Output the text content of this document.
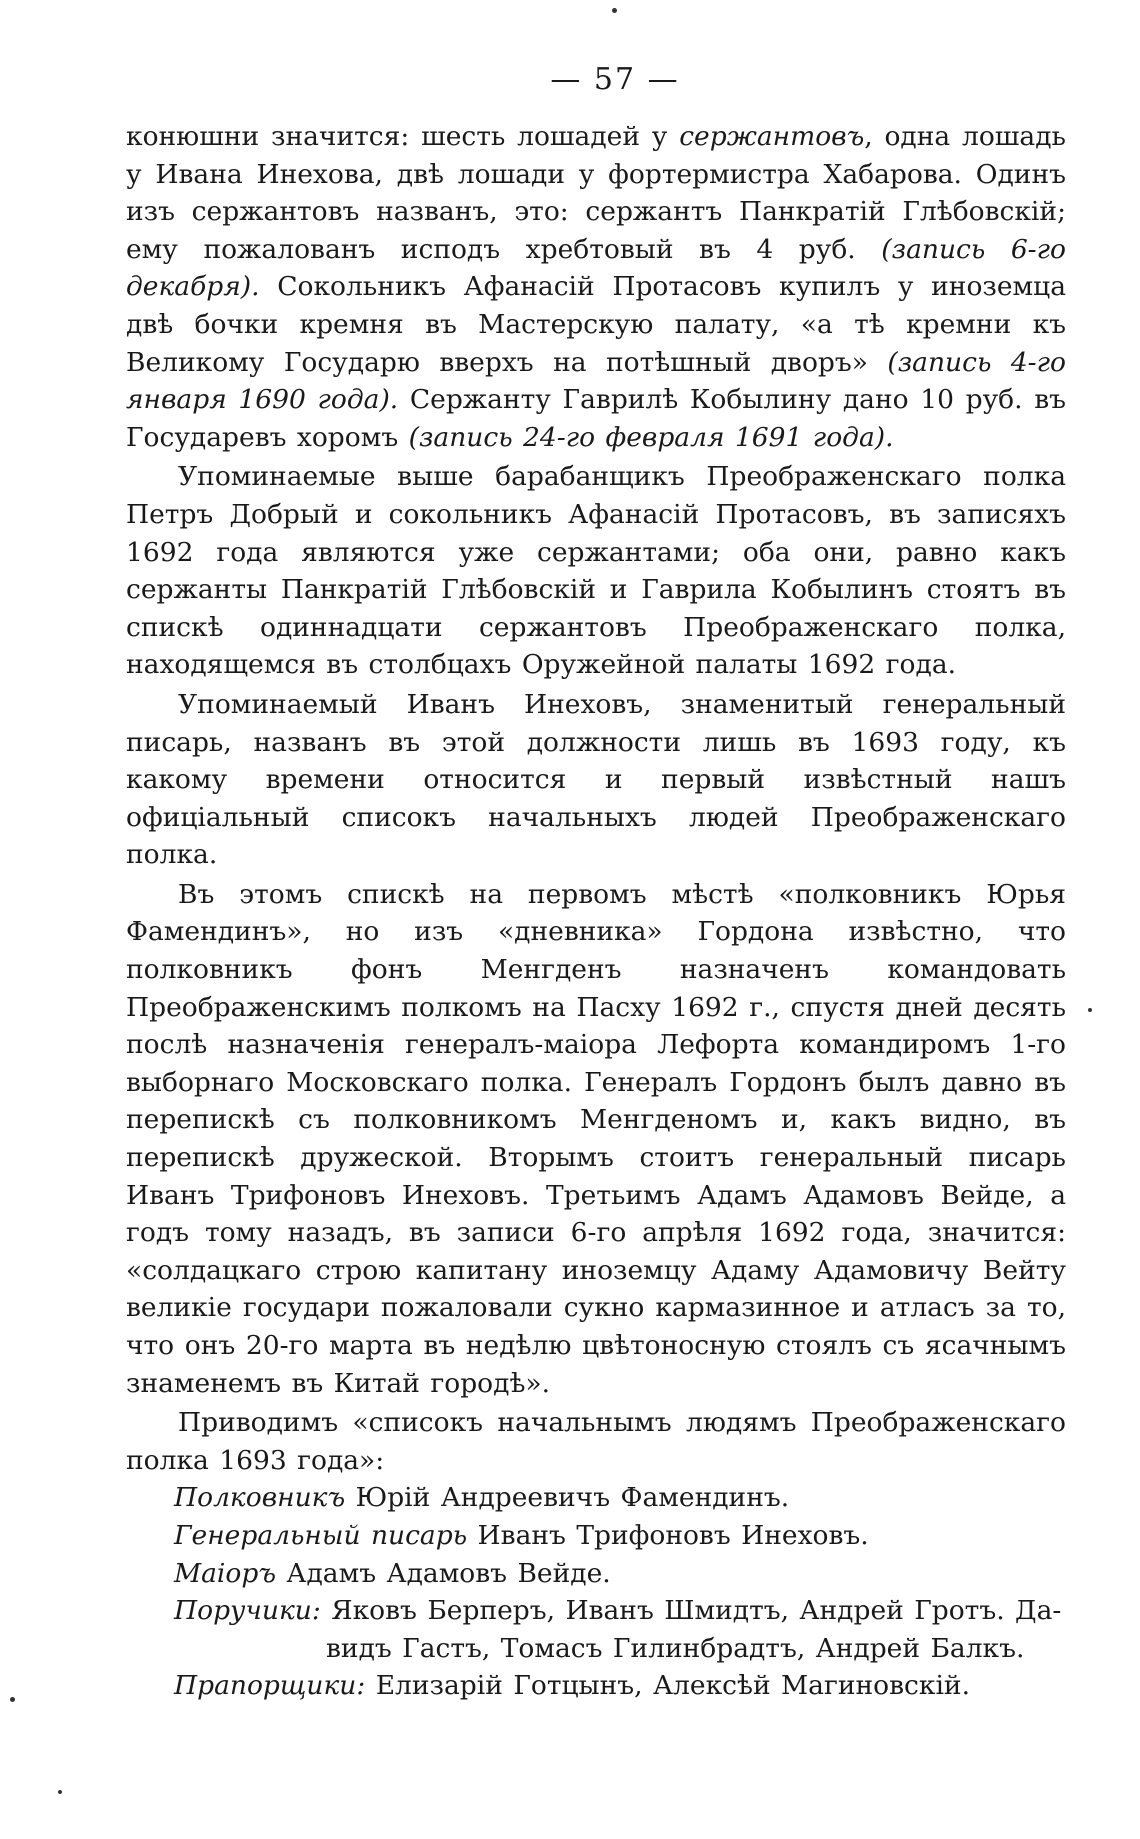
— 57 —

конюшни значится: шесть лошадей у сержантовъ, одна лошадь у Ивана Инехова, двѣ лошади у фортермистра Хабарова. Одинъ изъ сержантовъ названъ, это: сержантъ Панкратій Глѣбовскій; ему пожалованъ исподъ хребтовый въ 4 руб. (запись 6-го декабря). Сокольникъ Афанасій Протасовъ купилъ у иноземца двѣ бочки кремня въ Мастерскую палату, «а тѣ кремни къ Великому Государю вверхъ на потѣшный дворъ» (запись 4-го января 1690 года). Сержанту Гаврилѣ Кобылину дано 10 руб. въ Государевъ хоромъ (запись 24-го февраля 1691 года).

Упоминаемые выше барабанщикъ Преображенскаго полка Петръ Добрый и сокольникъ Афанасій Протасовъ, въ записяхъ 1692 года являются уже сержантами; оба они, равно какъ сержанты Панкратій Глѣбовскій и Гаврила Кобылинъ стоятъ въ спискѣ одиннадцати сержантовъ Преображенскаго полка, находящемся въ столбцахъ Оружейной палаты 1692 года.

Упоминаемый Иванъ Инеховъ, знаменитый генеральный писарь, названъ въ этой должности лишь въ 1693 году, къ какому времени относится и первый извѣстный нашъ офиціальный списокъ начальныхъ людей Преображенскаго полка.

Въ этомъ спискѣ на первомъ мѣстѣ «полковникъ Юрья Фамендинъ», но изъ «дневника» Гордона извѣстно, что полковникъ фонъ Менгденъ назначенъ командовать Преображенскимъ полкомъ на Пасху 1692 г., спустя дней десять послѣ назначенія генералъ-маіора Лефорта командиромъ 1-го выборнаго Московскаго полка. Генералъ Гордонъ былъ давно въ перепискѣ съ полковникомъ Менгденомъ и, какъ видно, въ перепискѣ дружеской. Вторымъ стоитъ генеральный писарь Иванъ Трифоновъ Инеховъ. Третьимъ Адамъ Адамовъ Вейде, а годъ тому назадъ, въ записи 6-го апрѣля 1692 года, значится: «солдацкаго строю капитану иноземцу Адаму Адамовичу Вейту великіе государи пожаловали сукно кармазинное и атласъ за то, что онъ 20-го марта въ недѣлю цвѣтоносную стоялъ съ ясачнымъ знаменемъ въ Китай городѣ».

Приводимъ «списокъ начальнымъ людямъ Преображенскаго полка 1693 года»:

Полковникъ Юрій Андреевичъ Фамендинъ.

Генеральный писарь Иванъ Трифоновъ Инеховъ.

Маіоръ Адамъ Адамовъ Вейде.

Поручики: Яковъ Берперъ, Иванъ Шмидтъ, Андрей Гротъ. Да-
видъ Гастъ, Томасъ Гилинбрадтъ, Андрей Балкъ.

Прапорщики: Елизарій Готцынъ, Алексѣй Магиновскій.
